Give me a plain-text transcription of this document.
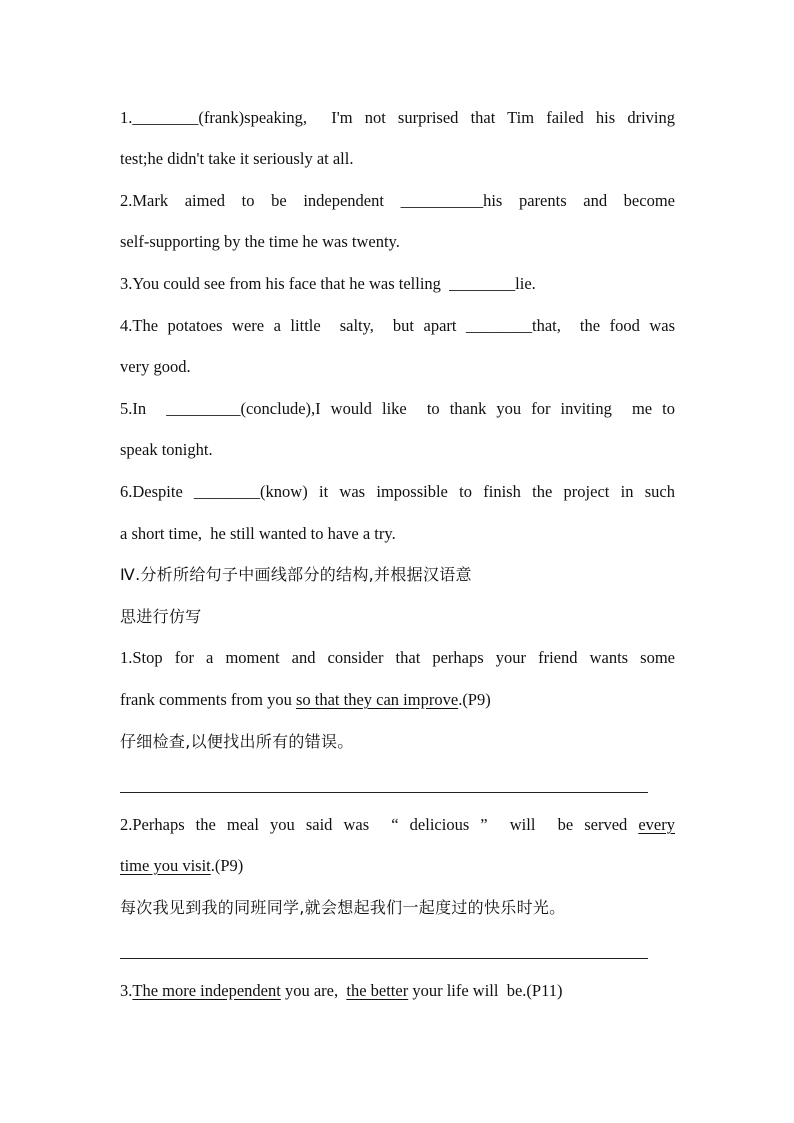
1.________(frank)speaking,  I'm not surprised that Tim failed his driving
test;he didn't take it seriously at all.
2.Mark  aimed  to  be  independent  __________his  parents  and  become
self-supporting by the time he was twenty.
3.You could see from his face that he was telling  ________lie.
4.The potatoes were a little  salty,  but apart ________that,  the food was
very good.
5.In  _________(conclude),I would like  to thank you for inviting  me to
speak tonight.
6.Despite ________(know) it was impossible to finish the project in such
a short time,  he still wanted to have a try.
Ⅳ.分析所给句子中画线部分的结构,并根据汉语意
思进行仿写
1.Stop for a moment and consider that perhaps your friend wants some
frank comments from you so that they can improve.(P9)
仔细检查,以便找出所有的错误。
2.Perhaps the meal you said was  “ delicious ”  will  be served every
time you visit.(P9)
每次我见到我的同班同学,就会想起我们一起度过的快乐时光。
3.The more independent you are,  the better your life will  be.(P11)
